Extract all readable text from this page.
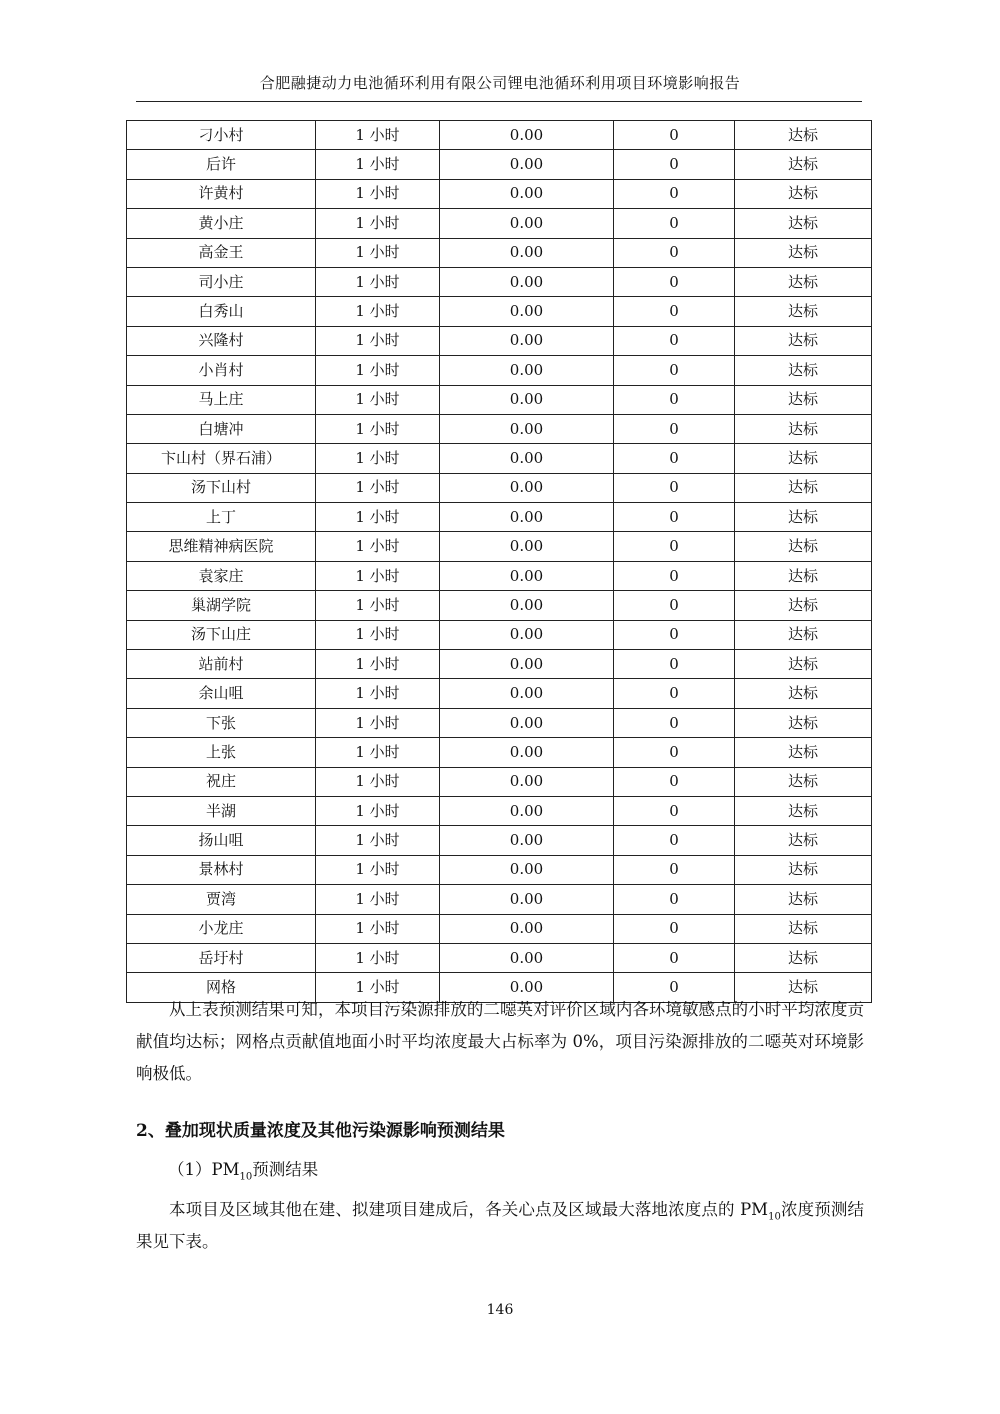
合肥融捷动力电池循环利用有限公司锂电池循环利用项目环境影响报告
刁小村	1 小时	0.00	0	达标
后许	1 小时	0.00	0	达标
许黄村	1 小时	0.00	0	达标
黄小庄	1 小时	0.00	0	达标
高金王	1 小时	0.00	0	达标
司小庄	1 小时	0.00	0	达标
白秀山	1 小时	0.00	0	达标
兴隆村	1 小时	0.00	0	达标
小肖村	1 小时	0.00	0	达标
马上庄	1 小时	0.00	0	达标
白塘冲	1 小时	0.00	0	达标
卞山村（界石浦）	1 小时	0.00	0	达标
汤下山村	1 小时	0.00	0	达标
上丁	1 小时	0.00	0	达标
思维精神病医院	1 小时	0.00	0	达标
袁家庄	1 小时	0.00	0	达标
巢湖学院	1 小时	0.00	0	达标
汤下山庄	1 小时	0.00	0	达标
站前村	1 小时	0.00	0	达标
余山咀	1 小时	0.00	0	达标
下张	1 小时	0.00	0	达标
上张	1 小时	0.00	0	达标
祝庄	1 小时	0.00	0	达标
半湖	1 小时	0.00	0	达标
扬山咀	1 小时	0.00	0	达标
景林村	1 小时	0.00	0	达标
贾湾	1 小时	0.00	0	达标
小龙庄	1 小时	0.00	0	达标
岳圩村	1 小时	0.00	0	达标
网格	1 小时	0.00	0	达标
从上表预测结果可知，本项目污染源排放的二噁英对评价区域内各环境敏感点的小时平均浓度贡献值均达标；网格点贡献值地面小时平均浓度最大占标率为 0%，项目污染源排放的二噁英对环境影响极低。
2、叠加现状质量浓度及其他污染源影响预测结果
$(1)PM_{10}$预测结果
本项目及区域其他在建、拟建项目建成后，各关心点及区域最大落地浓度点的 $PM_{10}$浓度预测结果见下表。
146
